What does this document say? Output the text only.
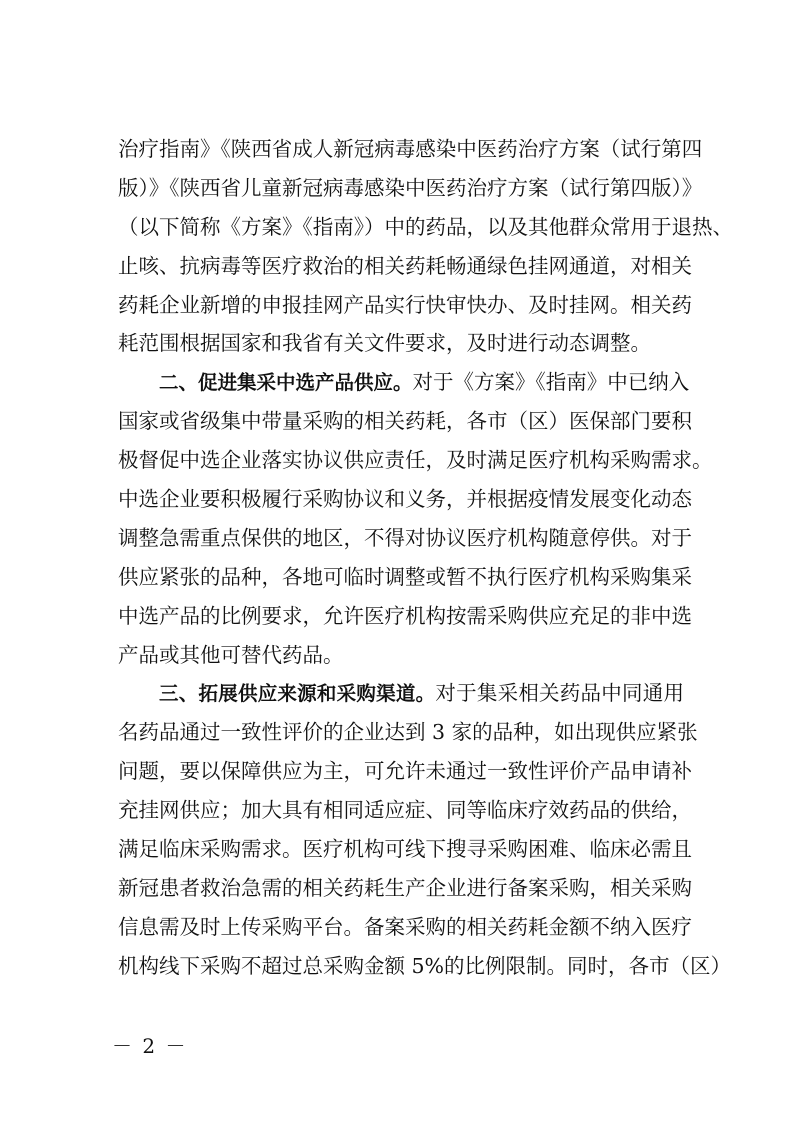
治疗指南》《陕西省成人新冠病毒感染中医药治疗方案（试行第四
版）》《陕西省儿童新冠病毒感染中医药治疗方案（试行第四版）》
（以下简称《方案》《指南》）中的药品，以及其他群众常用于退热、
止咳、抗病毒等医疗救治的相关药耗畅通绿色挂网通道，对相关
药耗企业新增的申报挂网产品实行快审快办、及时挂网。相关药
耗范围根据国家和我省有关文件要求，及时进行动态调整。
二、促进集采中选产品供应。对于《方案》《指南》中已纳入
国家或省级集中带量采购的相关药耗，各市（区）医保部门要积
极督促中选企业落实协议供应责任，及时满足医疗机构采购需求。
中选企业要积极履行采购协议和义务，并根据疫情发展变化动态
调整急需重点保供的地区，不得对协议医疗机构随意停供。对于
供应紧张的品种，各地可临时调整或暂不执行医疗机构采购集采
中选产品的比例要求，允许医疗机构按需采购供应充足的非中选
产品或其他可替代药品。
三、拓展供应来源和采购渠道。对于集采相关药品中同通用
名药品通过一致性评价的企业达到 3 家的品种，如出现供应紧张
问题，要以保障供应为主，可允许未通过一致性评价产品申请补
充挂网供应；加大具有相同适应症、同等临床疗效药品的供给，
满足临床采购需求。医疗机构可线下搜寻采购困难、临床必需且
新冠患者救治急需的相关药耗生产企业进行备案采购，相关采购
信息需及时上传采购平台。备案采购的相关药耗金额不纳入医疗
机构线下采购不超过总采购金额 5%的比例限制。同时，各市（区）
－ 2 －
